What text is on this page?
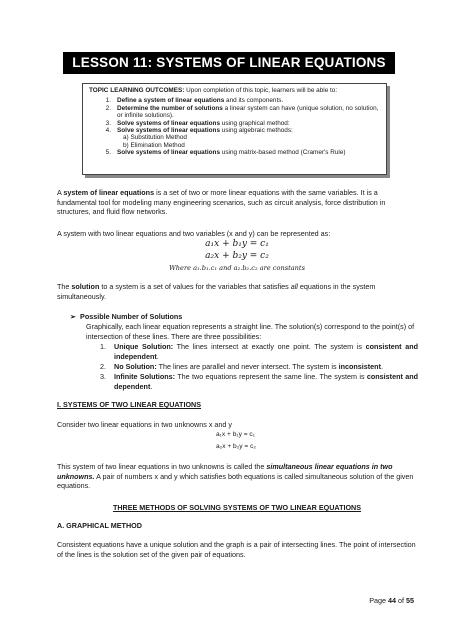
LESSON 11: SYSTEMS OF LINEAR EQUATIONS
TOPIC LEARNING OUTCOMES: Upon completion of this topic, learners will be able to:
1. Define a system of linear equations and its components.
2. Determine the number of solutions a linear system can have (unique solution, no solution, or infinite solutions).
3. Solve systems of linear equations using graphical method:
4. Solve systems of linear equations using algebraic methods:
a) Substitution Method
b) Elimination Method
5. Solve systems of linear equations using matrix-based method (Cramer's Rule)
A system of linear equations is a set of two or more linear equations with the same variables. It is a fundamental tool for modeling many engineering scenarios, such as circuit analysis, force distribution in structures, and fluid flow networks.
A system with two linear equations and two variables (x and y) can be represented as:
a₁x + b₁y = c₁
a₂x + b₂y = c₂
Where a₁.b₁.c₁ and a₂.b₂.c₂ are constants
The solution to a system is a set of values for the variables that satisfies all equations in the system simultaneously.
➢ Possible Number of Solutions
Graphically, each linear equation represents a straight line. The solution(s) correspond to the point(s) of intersection of these lines. There are three possibilities:
1.	Unique Solution: The lines intersect at exactly one point. The system is consistent and independent.
2.	No Solution: The lines are parallel and never intersect. The system is inconsistent.
3.	Infinite Solutions: The two equations represent the same line. The system is consistent and dependent.
I. SYSTEMS OF TWO LINEAR EQUATIONS
Consider two linear equations in two unknowns x and y
a₁x + b₁y = c₁
a₂x + b₂y = c₂
This system of two linear equations in two unknowns is called the simultaneous linear equations in two unknowns. A pair of numbers x and y which satisfies both equations is called simultaneous solution of the given equations.
THREE METHODS OF SOLVING SYSTEMS OF TWO LINEAR EQUATIONS
A. GRAPHICAL METHOD
Consistent equations have a unique solution and the graph is a pair of intersecting lines. The point of intersection of the lines is the solution set of the given pair of equations.
Page 44 of 55
